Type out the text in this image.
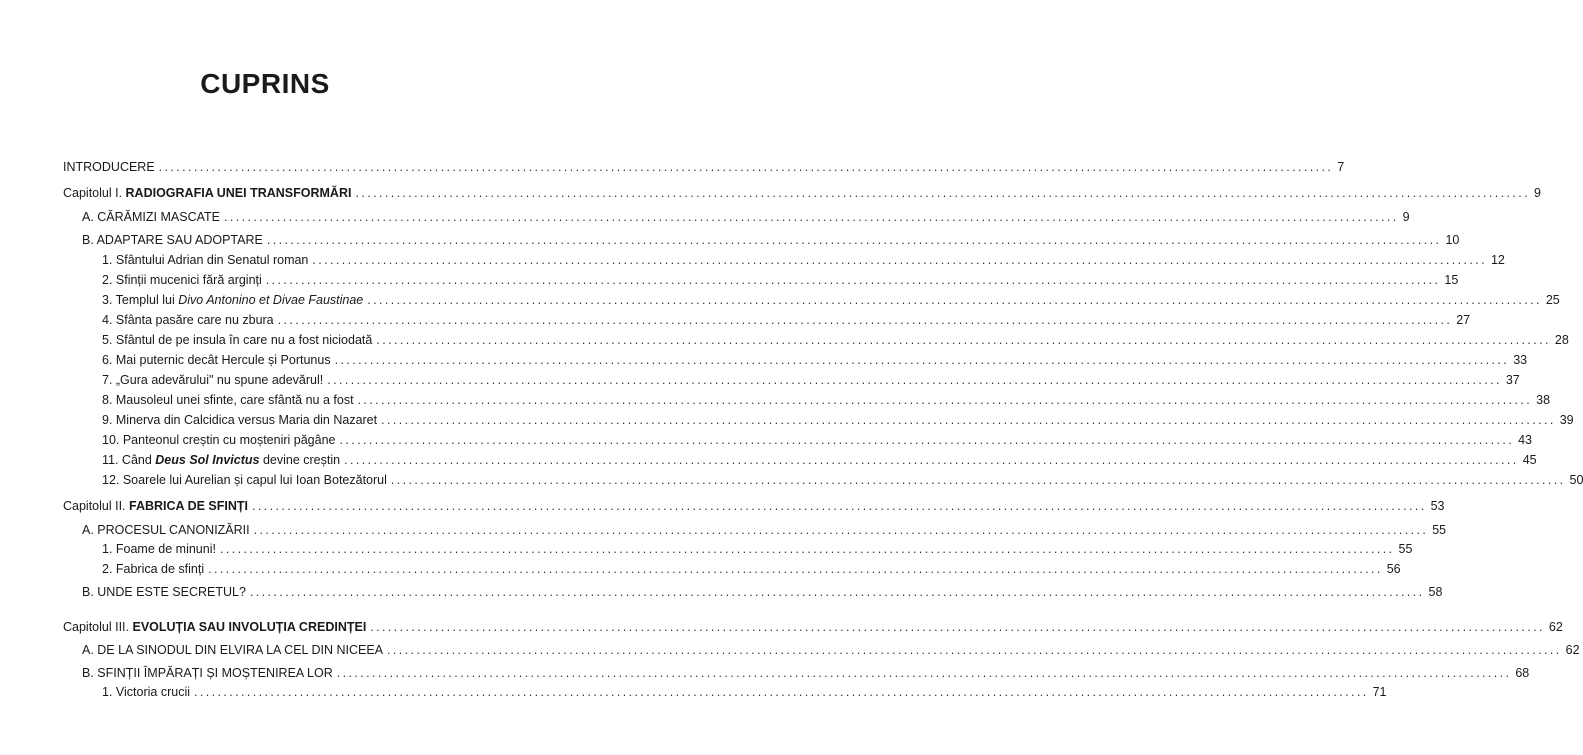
CUPRINS
INTRODUCERE ........................................................................................................................................................................................................ 7
Capitolul I. RADIOGRAFIA UNEI TRANSFORMĂRI ........................................................................................................................................................................................................ 9
A. CĂRĂMIZI MASCATE ........................................................................................................................................................................................................ 9
B. ADAPTARE SAU ADOPTARE ........................................................................................................................................................................................................ 10
1. Sfântului Adrian din Senatul roman ........................................................................................................................................................................................................ 12
2. Sfinții mucenici fără arginți ........................................................................................................................................................................................................ 15
3. Templul lui Divo Antonino et Divae Faustinae ........................................................................................................................................................................................................ 25
4. Sfânta pasăre care nu zbura ........................................................................................................................................................................................................ 27
5. Sfântul de pe insula în care nu a fost niciodată ........................................................................................................................................................................................................ 28
6. Mai puternic decât Hercule și Portunus ........................................................................................................................................................................................................ 33
7. „Gura adevărului" nu spune adevărul! ........................................................................................................................................................................................................ 37
8. Mausoleul unei sfinte, care sfântă nu a fost ........................................................................................................................................................................................................ 38
9. Minerva din Calcidica versus Maria din Nazaret ........................................................................................................................................................................................................ 39
10. Panteonul creștin cu moșteniri păgâne ........................................................................................................................................................................................................ 43
11. Când Deus Sol Invictus devine creștin ........................................................................................................................................................................................................ 45
12. Soarele lui Aurelian și capul lui Ioan Botezătorul ........................................................................................................................................................................................................ 50
Capitolul II. FABRICA DE SFINȚI ........................................................................................................................................................................................................ 53
A. PROCESUL CANONIZĂRII ........................................................................................................................................................................................................ 55
1. Foame de minuni! ........................................................................................................................................................................................................ 55
2. Fabrica de sfinți ........................................................................................................................................................................................................ 56
B. UNDE ESTE SECRETUL? ........................................................................................................................................................................................................ 58
Capitolul III. EVOLUȚIA SAU INVOLUȚIA CREDINȚEI ........................................................................................................................................................................................................ 62
A. DE LA SINODUL DIN ELVIRA LA CEL DIN NICEEA ........................................................................................................................................................................................................ 62
B. SFINȚII ÎMPĂRAȚI ȘI MOȘTENIREA LOR ........................................................................................................................................................................................................ 68
1. Victoria crucii ........................................................................................................................................................................................................ 71
